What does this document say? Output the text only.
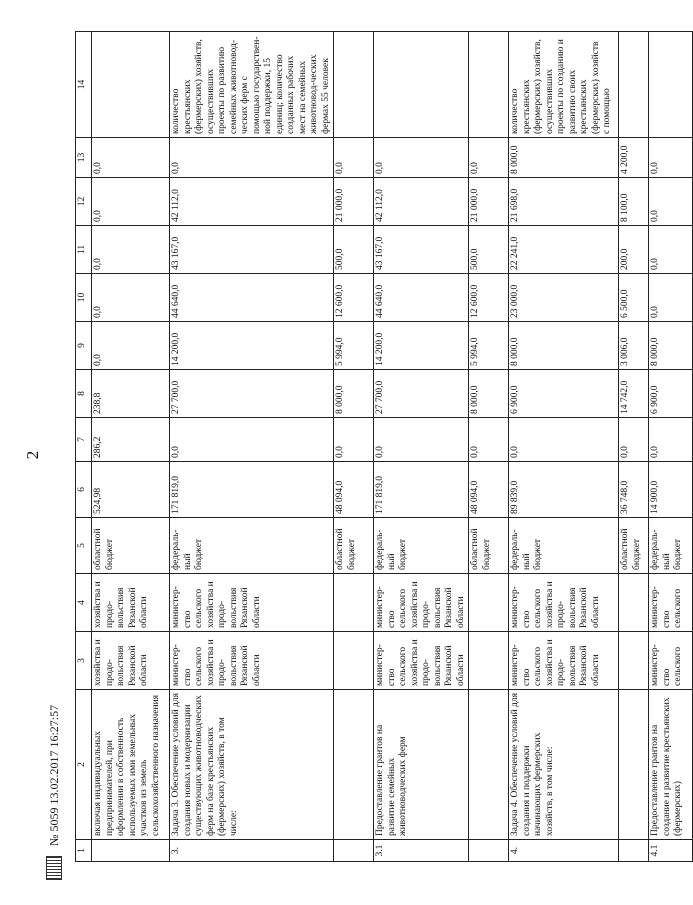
2
1	2	3	4	5	6	7	8	9	10	11	12	13	14
	включая индивидуальных предпринимателей, при оформлении в собственность используемых ими земельных участков из земель сельскохозяйственного назначения	хозяйства и продо-вольствия Рязанской области	хозяйства и продо-вольствия Рязанской области	областной бюджет	524,98	286,2	238,8	0,0	0,0	0,0	0,0	0,0	
3.	Задача 3. Обеспечение условий для создания новых и модернизации существующих животноводческих ферм на базе крестьянских (фермерских) хозяйств, в том числе:	министер-ство сельского хозяйства и продо-вольствия Рязанской области	министер-ство сельского хозяйства и продо-вольствия Рязанской области	федераль-ный бюджет	171 819,0	0,0	27 700,0	14 200,0	44 640,0	43 167,0	42 112,0	0,0	количество крестьянских (фермерских) хозяйств, осуществивших проекты по развитию семейных животновод-ческих ферм с помощью государствен-ной поддержки, 15 единиц; количество созданных рабочих мест на семейных животновод-ческих фермах 55 человек
				областной бюджет	48 094,0	0,0	8 000,0	5 994,0	12 600,0	500,0	21 000,0	0,0	
3.1	Предоставление грантов на развитие семейных животноводческих ферм	министер-ство сельского хозяйства и продо-вольствия Рязанской области	министер-ство сельского хозяйства и продо-вольствия Рязанской области	федераль-ный бюджет	171 819,0	0,0	27 700,0	14 200,0	44 640,0	43 167,0	42 112,0	0,0	
				областной бюджет	48 094,0	0,0	8 000,0	5 994,0	12 600,0	500,0	21 000,0	0,0	
4.	Задача 4. Обеспечение условий для создания и поддержки начинающих фермерских хозяйств, в том числе:	министер-ство сельского хозяйства и продо-вольствия Рязанской области	министер-ство сельского хозяйства и продо-вольствия Рязанской области	федераль-ный бюджет	89 839,0	0,0	6 900,0	8 000,0	23 000,0	22 241,0	21 698,0	8 000,0	количество крестьянских (фермерских) хозяйств, осуществивших проекты по созданию и развитию своих крестьянских (фермерских) хозяйств с помощью
				областной бюджет	36 748,0	0,0	14 742,0	3 006,0	6 500,0	200,0	8 100,0	4 200,0	
4.1	Предоставление грантов на создание и развитие крестьянских (фермерских)	министер-ство сельского	министер-ство сельского	федераль-ный бюджет	14 900,0	0,0	6 900,0	8 000,0	0,0	0,0	0,0	0,0	
№ 5059 13.02.2017 16:27:57
